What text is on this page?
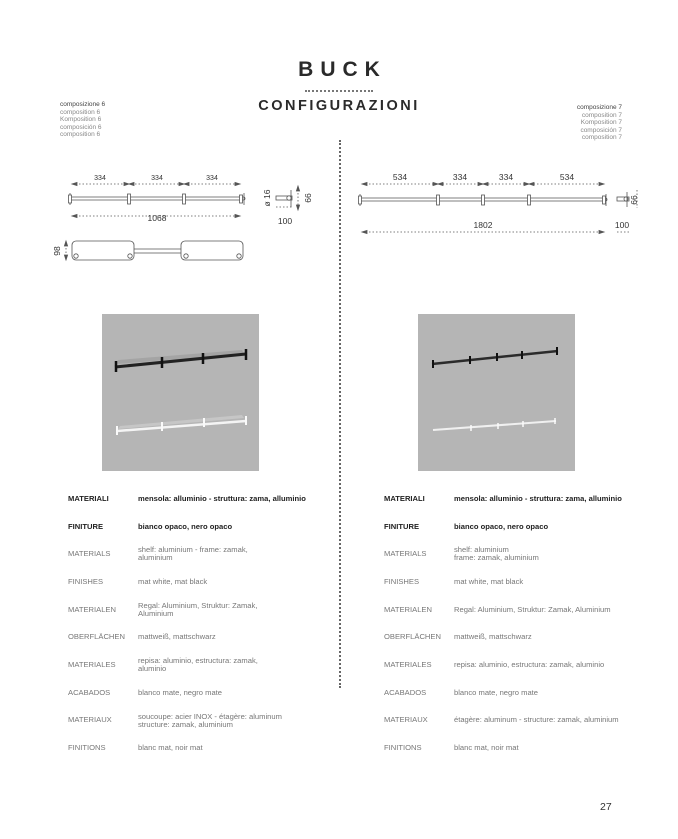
BUCK
CONFIGURAZIONI
composizione 6
composition 6
Komposition 6
composición 6
composition 6
composizione 7
composition 7
Komposition 7
composición 7
composition 7
334	334	334
1068	100
ø 16	66
98
534	334	334	534
1802	100
66
MATERIALI	mensola: alluminio - struttura: zama, alluminio
FINITURE	bianco opaco, nero opaco
MATERIALS	shelf: aluminium - frame: zamak,
aluminium
FINISHES	mat white, mat black
MATERIALEN	Regal: Aluminium, Struktur: Zamak,
Aluminium
OBERFLÄCHEN mattweiß, mattschwarz
MATERIALES	repisa: aluminio, estructura: zamak,
aluminio
ACABADOS	blanco mate, negro mate
MATERIAUX	soucoupe: acier INOX - étagère: aluminum
structure: zamak, aluminium
FINITIONS	blanc mat, noir mat
MATERIALI	mensola: alluminio - struttura: zama, alluminio
FINITURE	bianco opaco, nero opaco
MATERIALS	shelf: aluminium
frame: zamak, aluminium
FINISHES	mat white, mat black
MATERIALEN	Regal: Aluminium, Struktur: Zamak, Aluminium
OBERFLÄCHEN mattweiß, mattschwarz
MATERIALES	repisa: aluminio, estructura: zamak, aluminio
ACABADOS	blanco mate, negro mate
MATERIAUX	étagère: aluminum - structure: zamak, aluminium
FINITIONS	blanc mat, noir mat
27
